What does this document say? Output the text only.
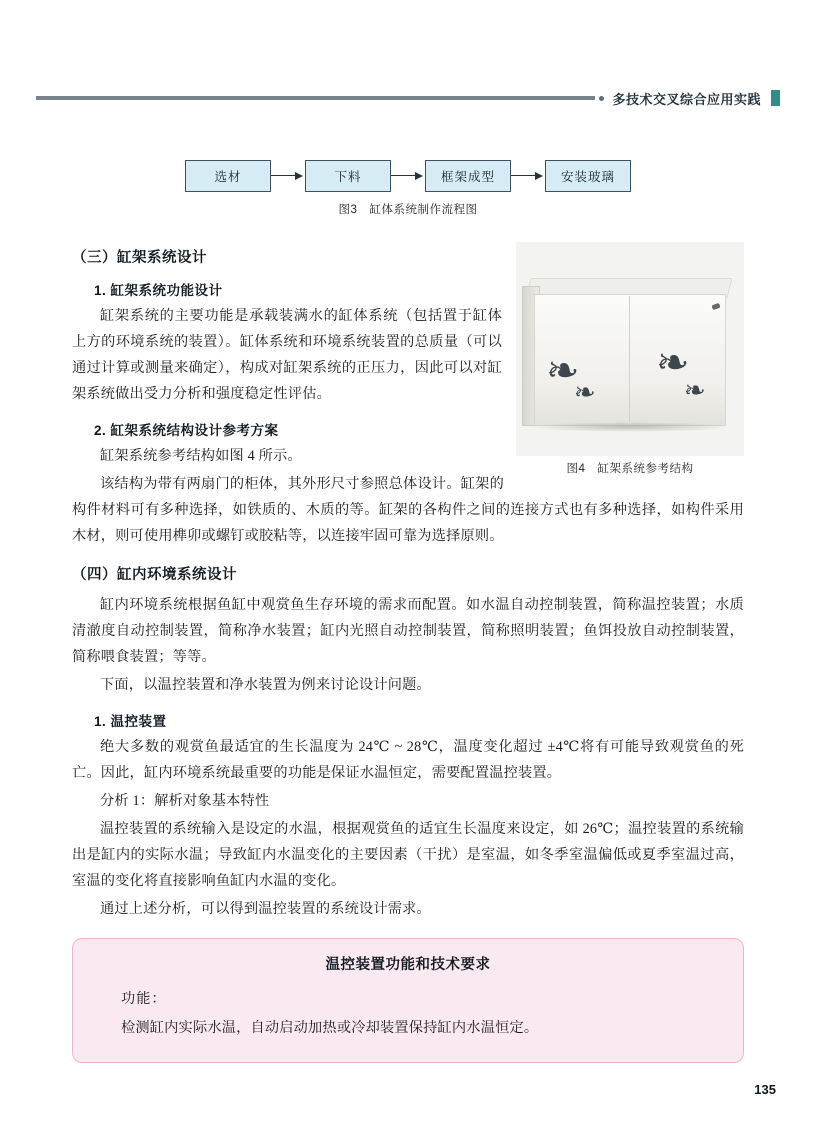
多技术交叉综合应用实践
选材	下料	框架成型	安装玻璃
图3　缸体系统制作流程图
❧
❧
❧
❧
图4　缸架系统参考结构
（三）缸架系统设计
1. 缸架系统功能设计

缸架系统的主要功能是承载装满水的缸体系统（包括置于缸体上方的环境系统的装置）。缸体系统和环境系统装置的总质量（可以通过计算或测量来确定），构成对缸架系统的正压力，因此可以对缸架系统做出受力分析和强度稳定性评估。

2. 缸架系统结构设计参考方案

缸架系统参考结构如图 4 所示。

该结构为带有两扇门的柜体，其外形尺寸参照总体设计。缸架的构件材料可有多种选择，如铁质的、木质的等。缸架的各构件之间的连接方式也有多种选择，如构件采用木材，则可使用榫卯或螺钉或胶粘等，以连接牢固可靠为选择原则。

（四）缸内环境系统设计

缸内环境系统根据鱼缸中观赏鱼生存环境的需求而配置。如水温自动控制装置，简称温控装置；水质清澈度自动控制装置，简称净水装置；缸内光照自动控制装置，简称照明装置；鱼饵投放自动控制装置，简称喂食装置；等等。

下面，以温控装置和净水装置为例来讨论设计问题。

1. 温控装置

绝大多数的观赏鱼最适宜的生长温度为 24℃ ~ 28℃，温度变化超过 ±4℃将有可能导致观赏鱼的死亡。因此，缸内环境系统最重要的功能是保证水温恒定，需要配置温控装置。

分析 1：解析对象基本特性

温控装置的系统输入是设定的水温，根据观赏鱼的适宜生长温度来设定，如 26℃；温控装置的系统输出是缸内的实际水温；导致缸内水温变化的主要因素（干扰）是室温，如冬季室温偏低或夏季室温过高，室温的变化将直接影响鱼缸内水温的变化。

通过上述分析，可以得到温控装置的系统设计需求。

温控装置功能和技术要求
功能：
检测缸内实际水温，自动启动加热或冷却装置保持缸内水温恒定。
135
